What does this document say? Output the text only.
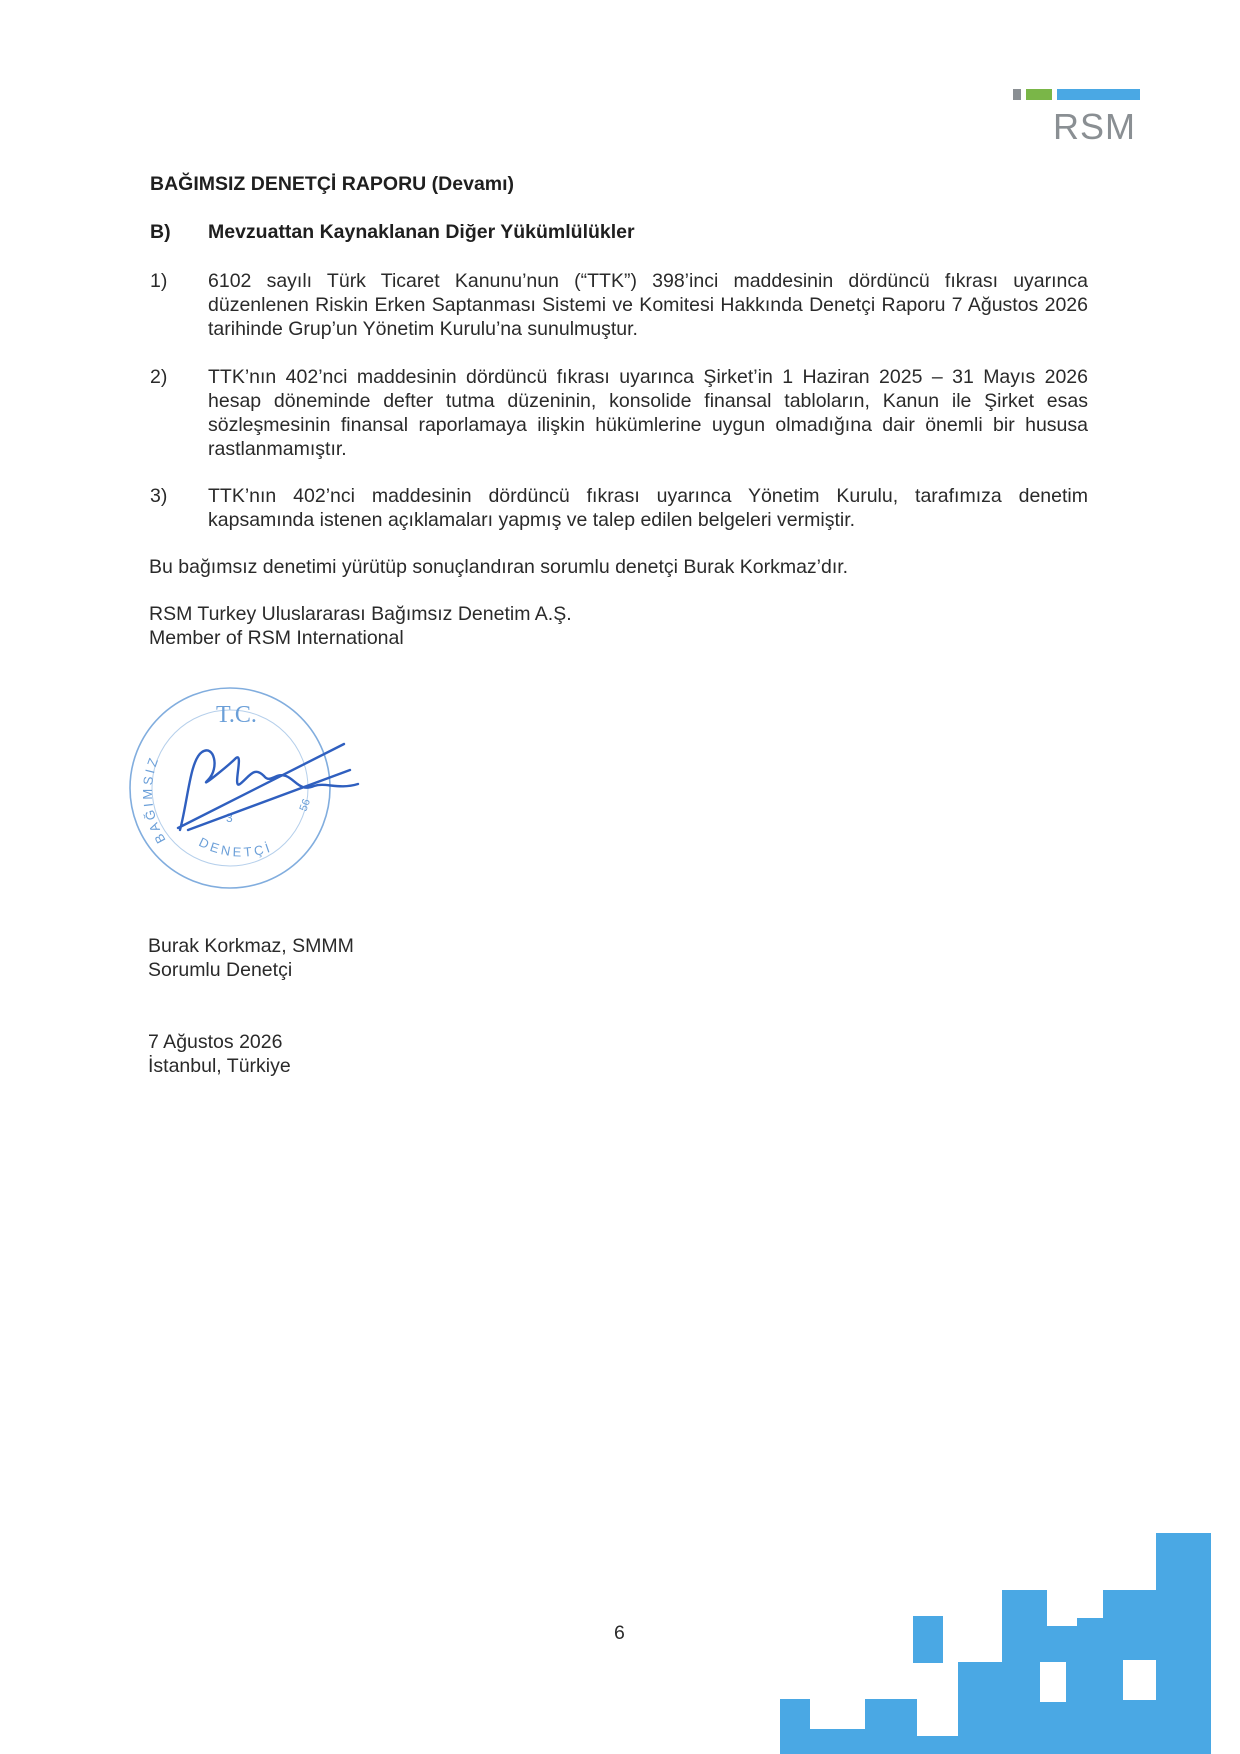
RSM
BAĞIMSIZ DENETÇİ RAPORU (Devamı)
B) Mevzuattan Kaynaklanan Diğer Yükümlülükler
1) 6102 sayılı Türk Ticaret Kanunu’nun (“TTK”) 398’inci maddesinin dördüncü fıkrası uyarınca düzenlenen Riskin Erken Saptanması Sistemi ve Komitesi Hakkında Denetçi Raporu 7 Ağustos 2026 tarihinde Grup’un Yönetim Kurulu’na sunulmuştur.
2) TTK’nın 402’nci maddesinin dördüncü fıkrası uyarınca Şirket’in 1 Haziran 2025 – 31 Mayıs 2026 hesap döneminde defter tutma düzeninin, konsolide finansal tabloların, Kanun ile Şirket esas sözleşmesinin finansal raporlamaya ilişkin hükümlerine uygun olmadığına dair önemli bir hususa rastlanmamıştır.
3) TTK’nın 402’nci maddesinin dördüncü fıkrası uyarınca Yönetim Kurulu, tarafımıza denetim kapsamında istenen açıklamaları yapmış ve talep edilen belgeleri vermiştir.
Bu bağımsız denetimi yürütüp sonuçlandıran sorumlu denetçi Burak Korkmaz’dır.
RSM Turkey Uluslararası Bağımsız Denetim A.Ş.
Member of RSM International
T.C.
BAĞIMSIZ
DENETÇİ
3
56
Burak Korkmaz, SMMM
Sorumlu Denetçi
7 Ağustos 2026
İstanbul, Türkiye
6
